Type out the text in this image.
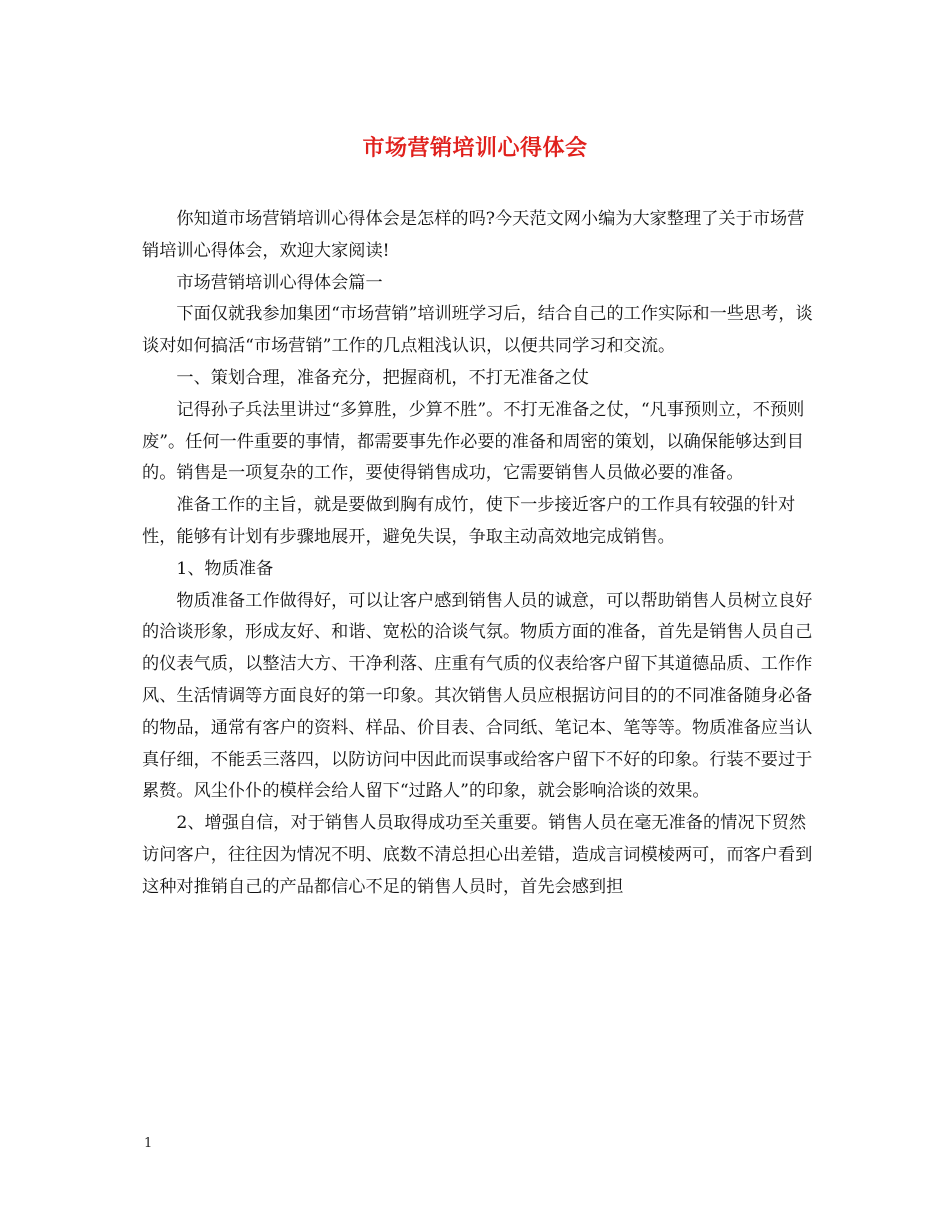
市场营销培训心得体会

你知道市场营销培训心得体会是怎样的吗?今天范文网小编为大家整理了关于市场营销培训心得体会，欢迎大家阅读!

市场营销培训心得体会篇一

下面仅就我参加集团“市场营销”培训班学习后，结合自己的工作实际和一些思考，谈谈对如何搞活“市场营销”工作的几点粗浅认识，以便共同学习和交流。

一、策划合理，准备充分，把握商机，不打无准备之仗

记得孙子兵法里讲过“多算胜，少算不胜”。不打无准备之仗，“凡事预则立，不预则废”。任何一件重要的事情，都需要事先作必要的准备和周密的策划，以确保能够达到目的。销售是一项复杂的工作，要使得销售成功，它需要销售人员做必要的准备。

准备工作的主旨，就是要做到胸有成竹，使下一步接近客户的工作具有较强的针对性，能够有计划有步骤地展开，避免失误，争取主动高效地完成销售。

1、物质准备

物质准备工作做得好，可以让客户感到销售人员的诚意，可以帮助销售人员树立良好的洽谈形象，形成友好、和谐、宽松的洽谈气氛。物质方面的准备，首先是销售人员自己的仪表气质，以整洁大方、干净利落、庄重有气质的仪表给客户留下其道德品质、工作作风、生活情调等方面良好的第一印象。其次销售人员应根据访问目的的不同准备随身必备的物品，通常有客户的资料、样品、价目表、合同纸、笔记本、笔等等。物质准备应当认真仔细，不能丢三落四，以防访问中因此而误事或给客户留下不好的印象。行装不要过于累赘。风尘仆仆的模样会给人留下“过路人”的印象，就会影响洽谈的效果。

2、增强自信，对于销售人员取得成功至关重要。销售人员在毫无准备的情况下贸然访问客户，往往因为情况不明、底数不清总担心出差错，造成言词模棱两可，而客户看到这种对推销自己的产品都信心不足的销售人员时，首先会感到担

1
